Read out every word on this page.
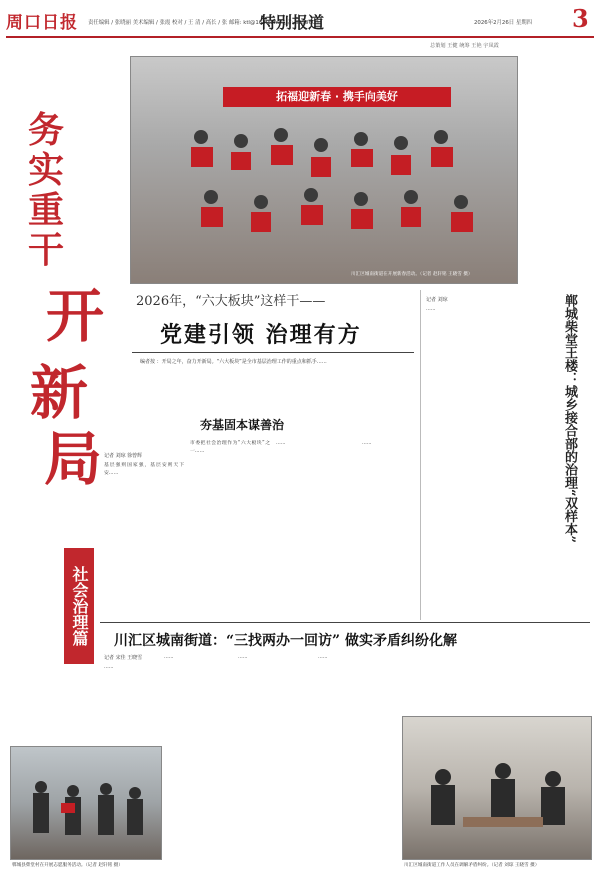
周口日报 责任编辑 / 张晓丽 美术编辑 / 张霞 校对 / 王 清 / 高长 / 张 邮箱: ktl@163.com 电话: 6199603
特别报道	2026年2月26日 星期四 3
总策划 王健 统筹 王艳 宇凤霞
务
实
重
干
开
新
局
社会治理篇
拓福迎新春 · 携手向美好
川汇区城南街道在开展新春活动。（记者 赵轩铭 王晓雪 摄）
2026年，“六大板块”这样干——
党建引领 治理有方
编者按 ：开局之年，奋力开新局。“六大板块”是全市基层治理工作的重点和抓手……
夯基固本谋善治
记者 刘琼 徐曾辉
基层强则国家强，基层安则天下安……
市委把社会治理作为“六大板块”之一……
……	……
记者 刘琼
……	郸城柴堂王楼：城乡接合部的治理“双样本”
川汇区城南街道：“三找两办一回访” 做实矛盾纠纷化解
记者 宋佳 王晓雪
……
……	……	……
郸城县柴堂村在开展志愿服务活动。（记者 赵轩铭 摄）	川汇区城南街道工作人员在调解矛盾纠纷。（记者 刘琼 王晓雪 摄）
